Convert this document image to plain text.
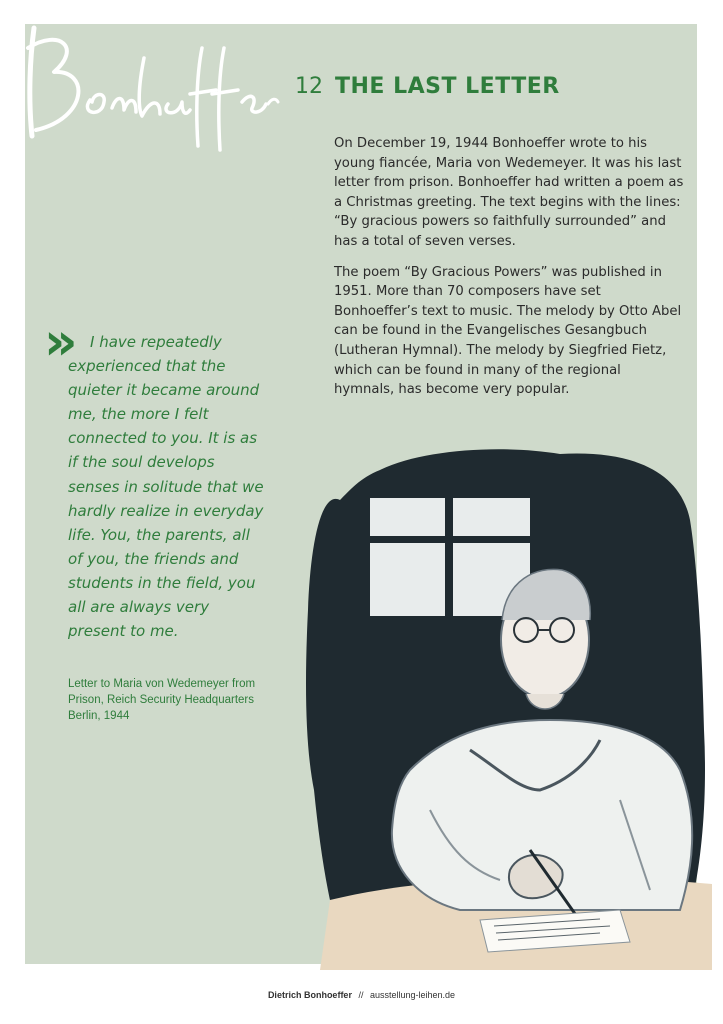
12 THE LAST LETTER

On December 19, 1944 Bonhoeffer wrote to his young fiancée, Maria von Wedemeyer. It was his last letter from prison. Bonhoeffer had written a poem as a Christmas greeting. The text begins with the lines: “By gracious powers so faithfully surrounded” and has a total of seven verses.

The poem “By Gracious Powers” was published in 1951. More than 70 composers have set Bonhoeffer’s text to music. The melody by Otto Abel can be found in the Evangelisches Gesangbuch (Lutheran Hymnal). The melody by Siegfried Fietz, which can be found in many of the regional hymnals, has become very popular.

» I have repeatedly experienced that the quieter it became around me, the more I felt connected to you. It is as if the soul develops senses in solitude that we hardly realize in everyday life. You, the parents, all of you, the friends and students in the field, you all are always very present to me.
Letter to Maria von Wedemeyer from Prison, Reich Security Headquarters Berlin, 1944
Dietrich Bonhoeffer // ausstellung-leihen.de
